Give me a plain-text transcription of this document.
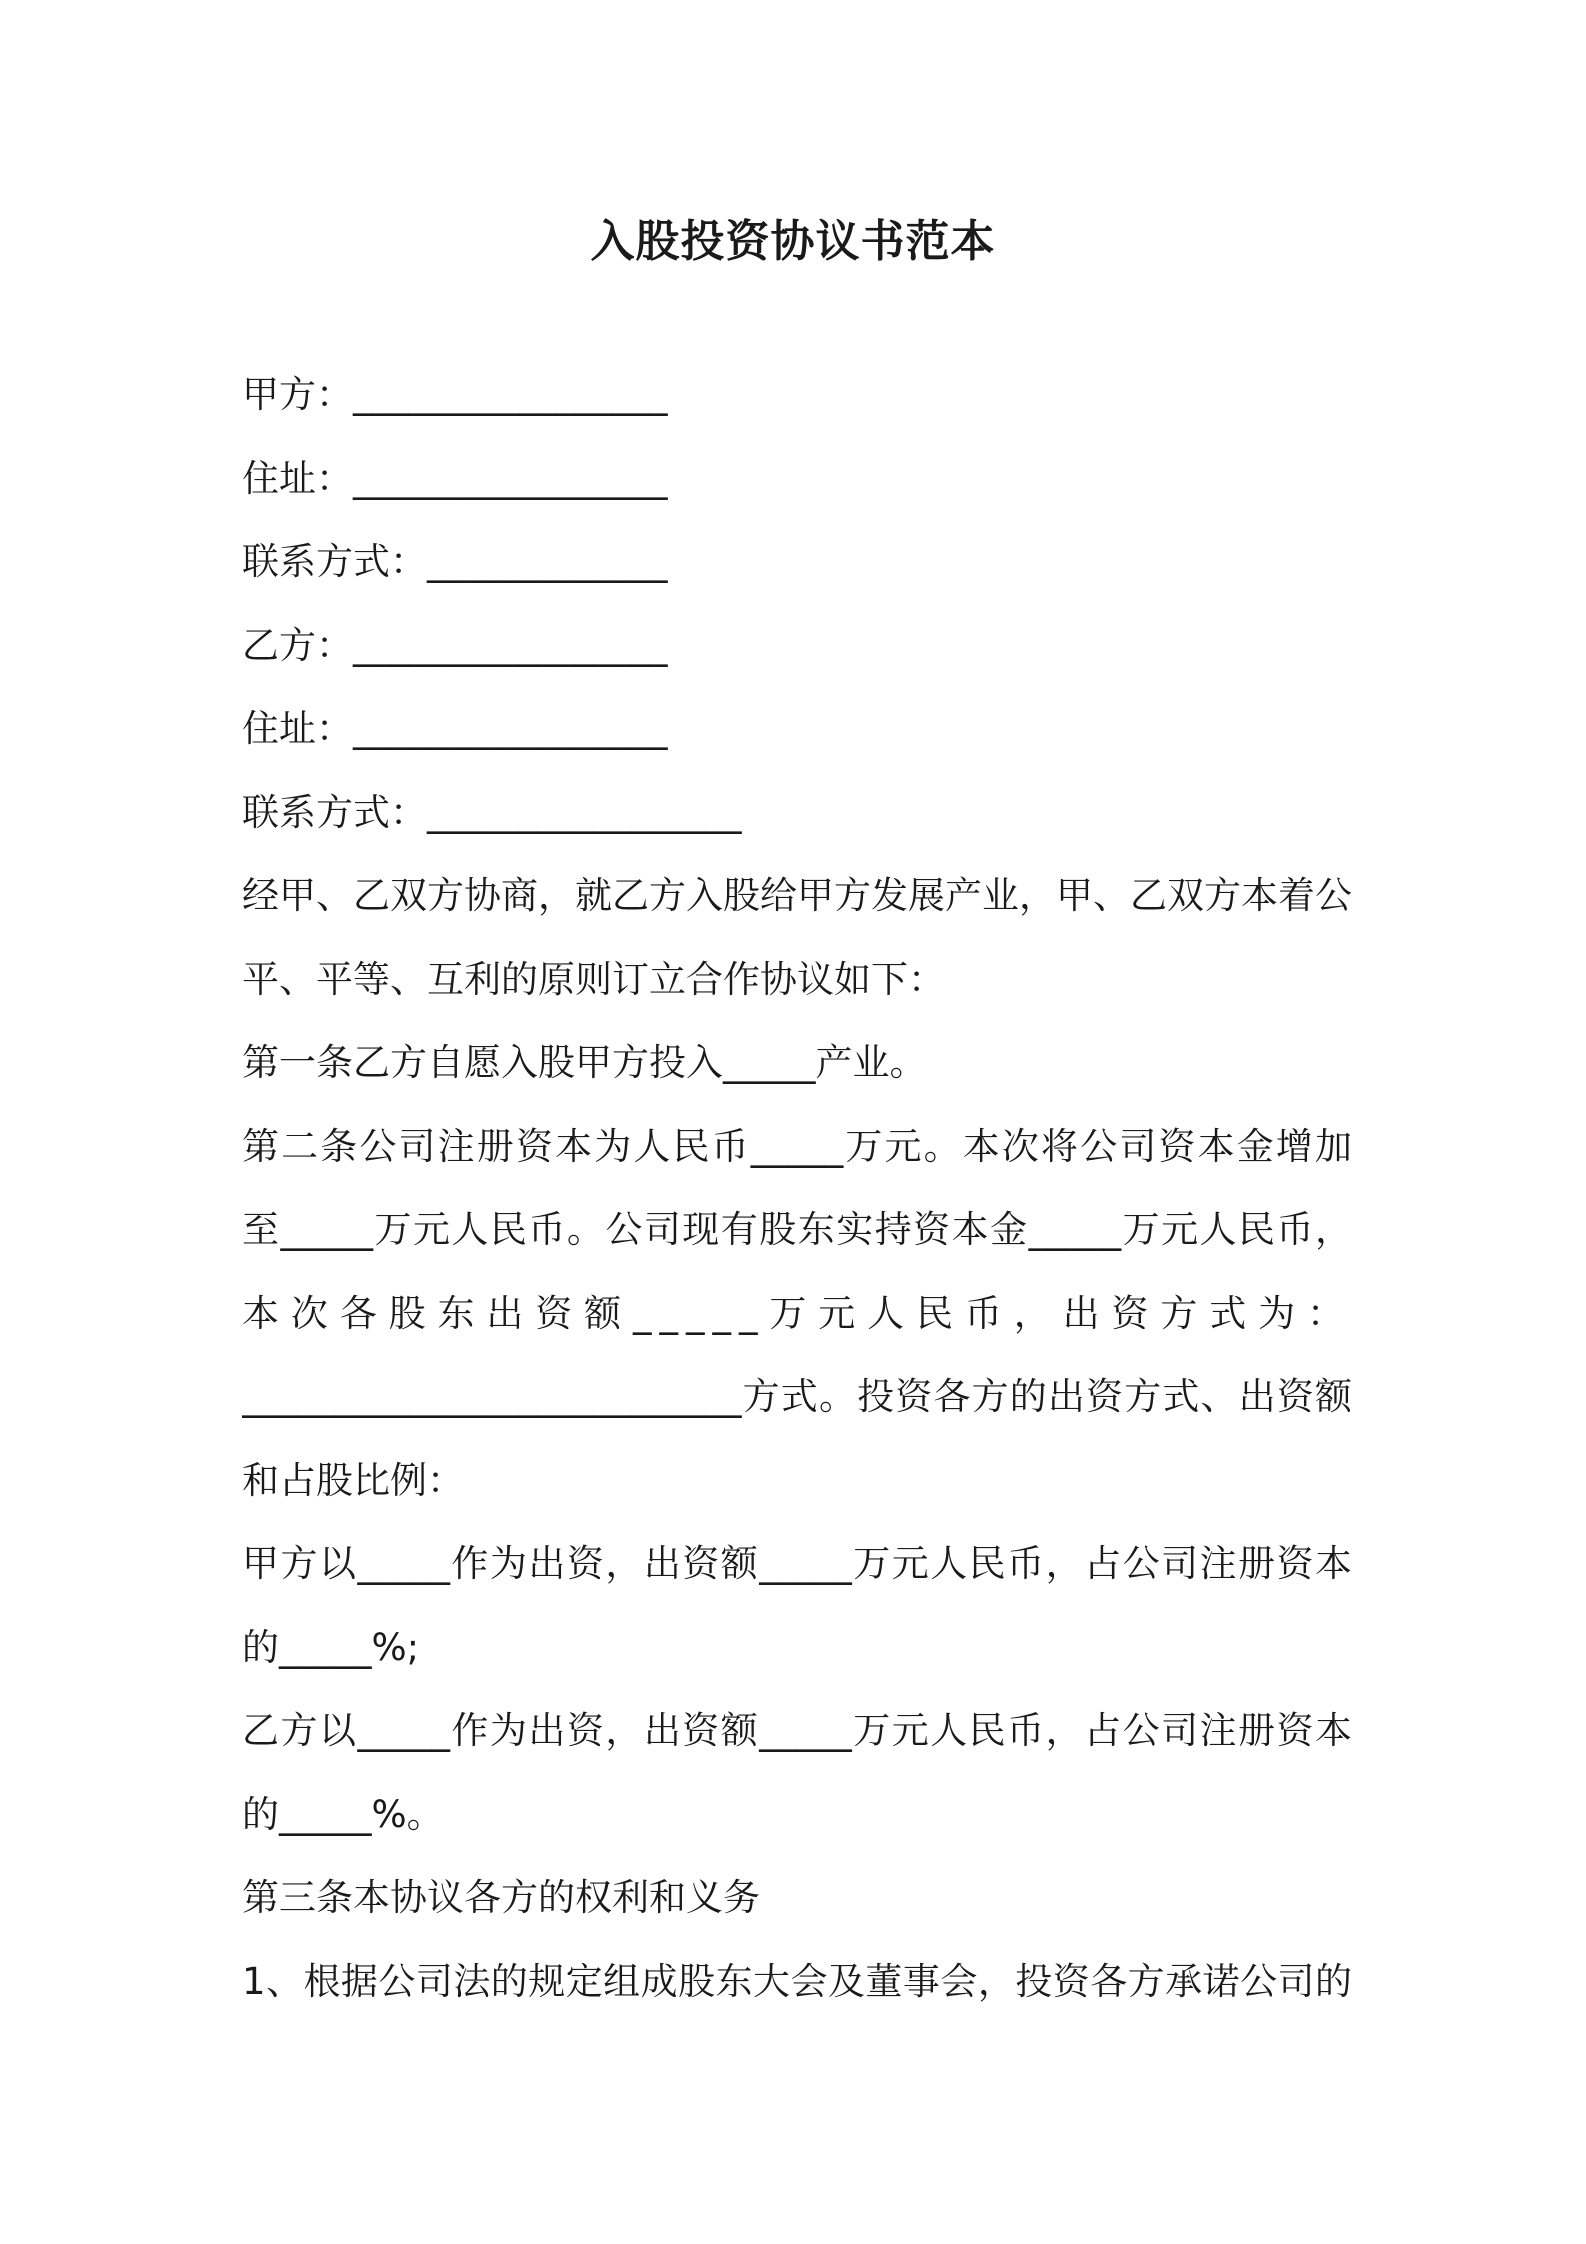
入股投资协议书范本
甲方：_________________
住址：_________________
联系方式：_____________
乙方：_________________
住址：_________________
联系方式：_________________
经甲、乙双方协商，就乙方入股给甲方发展产业，甲、乙双方本着公
平、平等、互利的原则订立合作协议如下：
第一条乙方自愿入股甲方投入_____产业。
第二条公司注册资本为人民币_____万元。本次将公司资本金增加
至_____万元人民币。公司现有股东实持资本金_____万元人民币，
本次各股东出资额_____万元人民币，出资方式为：
___________________________方式。投资各方的出资方式、出资额
和占股比例：
甲方以_____作为出资，出资额_____万元人民币，占公司注册资本
的_____%;
乙方以_____作为出资，出资额_____万元人民币，占公司注册资本
的_____%。
第三条本协议各方的权利和义务
1、根据公司法的规定组成股东大会及董事会，投资各方承诺公司的
